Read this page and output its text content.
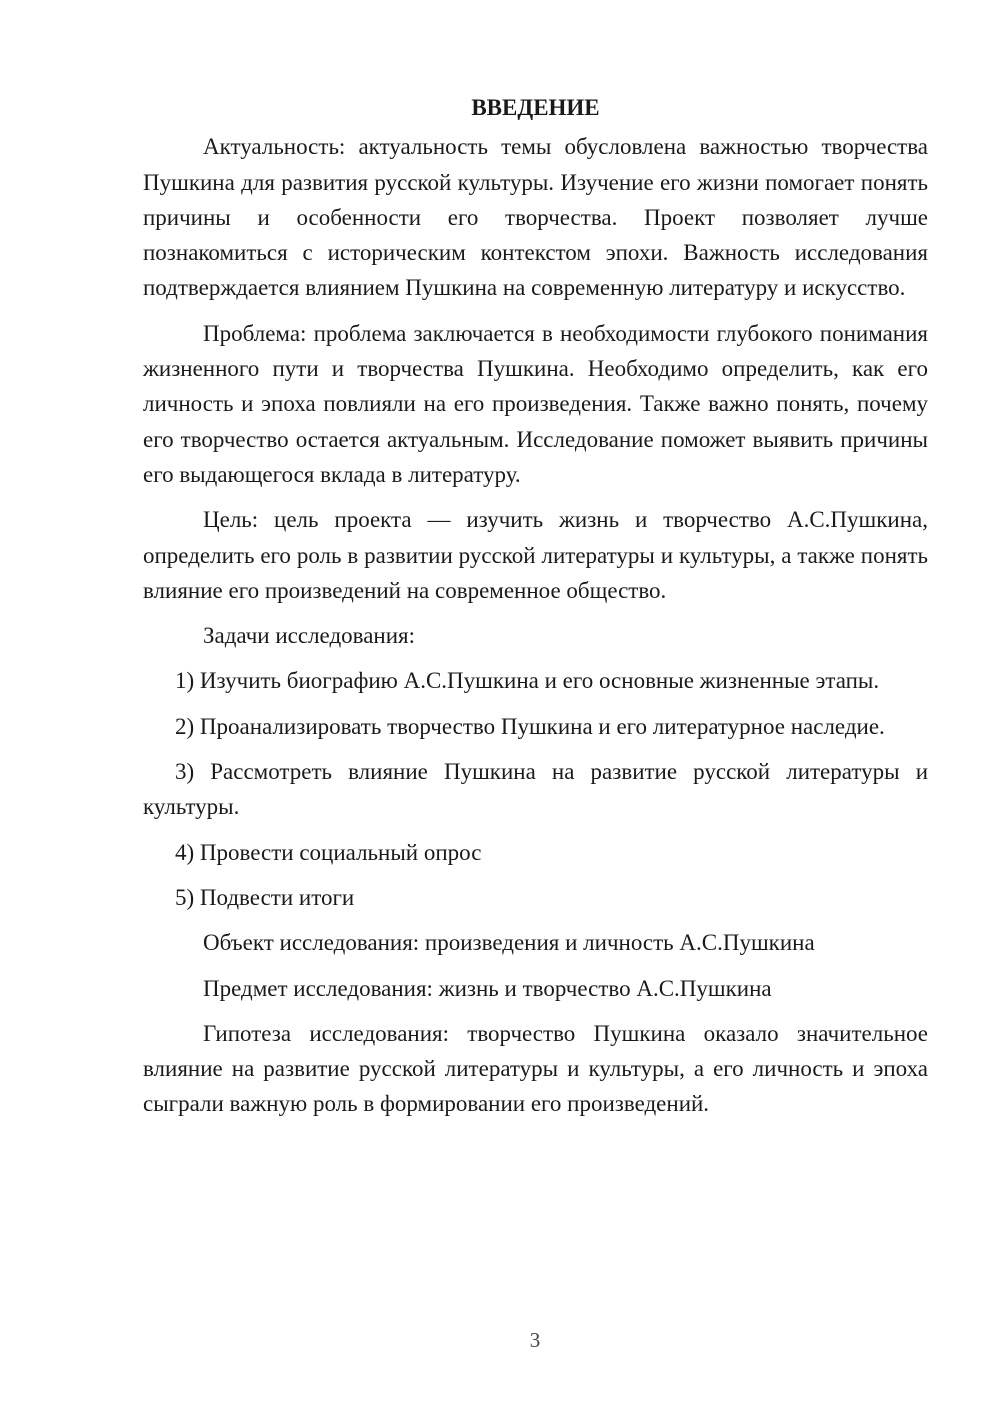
ВВЕДЕНИЕ

Актуальность: актуальность темы обусловлена важностью творчества Пушкина для развития русской культуры. Изучение его жизни помогает понять причины и особенности его творчества. Проект позволяет лучше познакомиться с историческим контекстом эпохи. Важность исследования подтверждается влиянием Пушкина на современную литературу и искусство.

Проблема: проблема заключается в необходимости глубокого понимания жизненного пути и творчества Пушкина. Необходимо определить, как его личность и эпоха повлияли на его произведения. Также важно понять, почему его творчество остается актуальным. Исследование поможет выявить причины его выдающегося вклада в литературу.

Цель: цель проекта — изучить жизнь и творчество А.С.Пушкина, определить его роль в развитии русской литературы и культуры, а также понять влияние его произведений на современное общество.

Задачи исследования:

1) Изучить биографию А.С.Пушкина и его основные жизненные этапы.

2) Проанализировать творчество Пушкина и его литературное наследие.

3) Рассмотреть влияние Пушкина на развитие русской литературы и культуры.

4) Провести социальный опрос
5) Подвести итоги
Объект исследования: произведения и личность А.С.Пушкина
Предмет исследования: жизнь и творчество А.С.Пушкина

Гипотеза исследования: творчество Пушкина оказало значительное влияние на развитие русской литературы и культуры, а его личность и эпоха сыграли важную роль в формировании его произведений.

3
